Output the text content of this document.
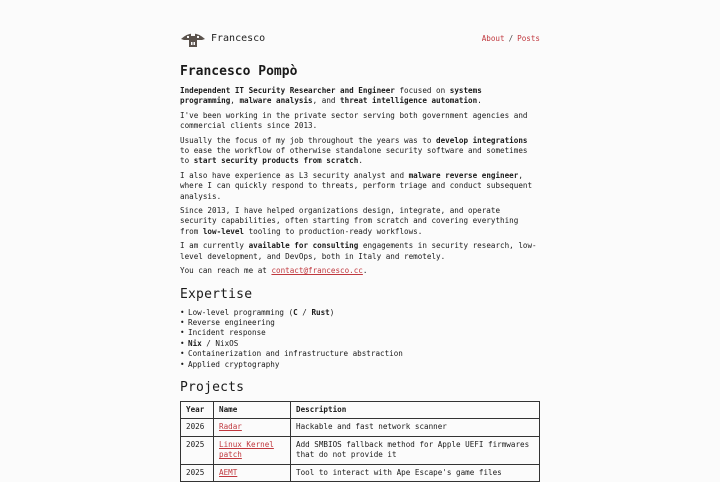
Francesco	About / Posts
Francesco Pompò

Independent IT Security Researcher and Engineer focused on systems programming, malware analysis, and threat intelligence automation.

I've been working in the private sector serving both government agencies and commercial clients since 2013.

Usually the focus of my job throughout the years was to develop integrations to ease the workflow of otherwise standalone security software and sometimes to start security products from scratch.

I also have experience as L3 security analyst and malware reverse engineer, where I can quickly respond to threats, perform triage and conduct subsequent analysis.

Since 2013, I have helped organizations design, integrate, and operate security capabilities, often starting from scratch and covering everything from low-level tooling to production-ready workflows.

I am currently available for consulting engagements in security research, low-level development, and DevOps, both in Italy and remotely.

You can reach me at contact@francesco.cc.

Expertise
• Low-level programming (C / Rust)
• Reverse engineering
• Incident response
• Nix / NixOS
• Containerization and infrastructure abstraction
• Applied cryptography
Projects
Year	Name	Description
2026	Radar	Hackable and fast network scanner
2025	Linux Kernel patch	Add SMBIOS fallback method for Apple UEFI firmwares that do not provide it
2025	AEMT	Tool to interact with Ape Escape's game files
